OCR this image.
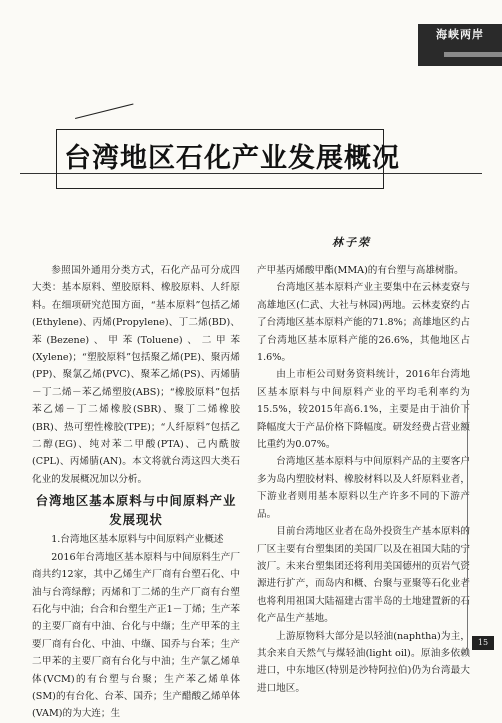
海峡两岸
台湾地区石化产业发展概况
林子荣

参照国外通用分类方式，石化产品可分成四大类：基本原料、塑胶原料、橡胶原料、人纤原料。在细项研究范围方面，“基本原料”包括乙烯(Ethylene)、丙烯(Propylene)、丁二烯(BD)、苯(Bezene)、甲苯(Toluene)、二甲苯(Xylene)；“塑胶原料”包括聚乙烯(PE)、聚丙烯(PP)、聚氯乙烯(PVC)、聚苯乙烯(PS)、丙烯腈－丁二烯－苯乙烯塑胶(ABS)；“橡胶原料”包括苯乙烯－丁二烯橡胶(SBR)、聚丁二烯橡胶(BR)、热可塑性橡胶(TPE)；“人纤原料”包括乙二醇(EG)、纯对苯二甲酸(PTA)、己内酰胺(CPL)、丙烯腈(AN)。本文将就台湾这四大类石化业的发展概况加以分析。

台湾地区基本原料与中间原料产业发展现状

1.台湾地区基本原料与中间原料产业概述

2016年台湾地区基本原料与中间原料生产厂商共约12家，其中乙烯生产厂商有台塑石化、中油与台湾绿醇；丙烯和丁二烯的生产厂商有台塑石化与中油；台合和台塑生产正1－丁烯；生产苯的主要厂商有中油、台化与中缬；生产甲苯的主要厂商有台化、中油、中缬、国乔与台苯；生产二甲苯的主要厂商有台化与中油；生产氯乙烯单体(VCM)的有台塑与台聚；生产苯乙烯单体(SM)的有台化、台苯、国乔；生产醋酸乙烯单体(VAM)的为大连；生

产甲基丙烯酸甲酯(MMA)的有台塑与高雄树脂。

台湾地区基本原料产业主要集中在云林麦寮与高雄地区(仁武、大社与林园)两地。云林麦寮约占了台湾地区基本原料产能的71.8%；高雄地区约占了台湾地区基本原料产能的26.6%，其他地区占1.6%。

由上市柜公司财务资料统计，2016年台湾地区基本原料与中间原料产业的平均毛利率约为15.5%，较2015年高6.1%，主要是由于油价下降幅度大于产品价格下降幅度。研发经费占营业额比重约为0.07%。

台湾地区基本原料与中间原料产品的主要客户多为岛内塑胶材料、橡胶材料以及人纤原料业者，下游业者则用基本原料以生产许多不同的下游产品。

目前台湾地区业者在岛外投资生产基本原料的厂区主要有台塑集团的美国厂以及在祖国大陆的宁波厂。未来台塑集团还将利用美国德州的页岩气资源进行扩产，而岛内和概、台聚与亚聚等石化业者也将利用祖国大陆福建古雷半岛的土地建置新的石化产品生产基地。

上游原物料大部分是以轻油(naphtha)为主，其余来自天然气与煤轻油(light oil)。原油多依赖进口，中东地区(特别是沙特阿拉伯)仍为台湾最大进口地区。

15
